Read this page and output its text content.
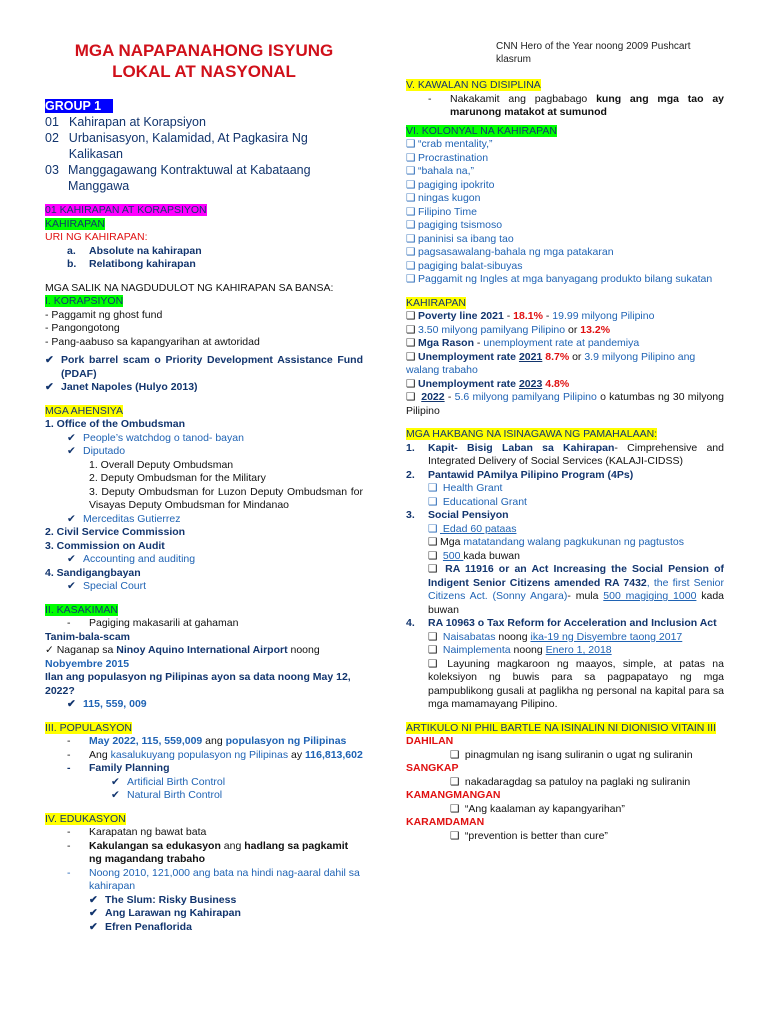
MGA NAPAPANAHONG ISYUNG
LOKAL AT NASYONAL
GROUP 1
01 Kahirapan at Korapsiyon
02 Urbanisasyon, Kalamidad, At Pagkasira Ng Kalikasan
03 Manggagawang Kontraktuwal at Kabataang Manggawa
01 KAHIRAPAN AT KORAPSIYON
KAHIRAPAN
URI NG KAHIRAPAN:
a. Absolute na kahirapan
b. Relatibong kahirapan
MGA SALIK NA NAGDUDULOT NG KAHIRAPAN SA BANSA:
I. KORAPSIYON
- Paggamit ng ghost fund
- Pangongotong
- Pang-aabuso sa kapangyarihan at awtoridad
✔ Pork barrel scam o Priority Development Assistance Fund (PDAF)
✔ Janet Napoles (Hulyo 2013)
MGA AHENSIYA
1. Office of the Ombudsman
✔ People’s watchdog o tanod- bayan
✔ Diputado
1. Overall Deputy Ombudsman
2. Deputy Ombudsman for the Military
3. Deputy Ombudsman for Luzon Deputy Ombudsman for Visayas Deputy Ombudsman for Mindanao
✔ Merceditas Gutierrez
2. Civil Service Commission
3. Commission on Audit
✔ Accounting and auditing
4. Sandigangbayan
✔ Special Court
II. KASAKIMAN
- Pagiging makasarili at gahaman
Tanim-bala-scam
✓ Naganap sa Ninoy Aquino International Airport noong Nobyembre 2015
Ilan ang populasyon ng Pilipinas ayon sa data noong May 12, 2022?
✔ 115, 559, 009
III. POPULASYON
-	May 2022, 115, 559,009 ang populasyon ng Pilipinas
-	Ang kasalukuyang populasyon ng Pilipinas ay 116,813,602
-	Family Planning
✔ Artificial Birth Control
✔ Natural Birth Control
IV. EDUKASYON
-	Karapatan ng bawat bata
-	Kakulangan sa edukasyon ang hadlang sa pagkamit ng magandang trabaho
-	Noong 2010, 121,000 ang bata na hindi nag-aaral dahil sa kahirapan
✔ The Slum: Risky Business
✔ Ang Larawan ng Kahirapan
✔ Efren Penaflorida
CNN Hero of the Year noong 2009 Pushcart klasrum
V. KAWALAN NG DISIPLINA
-	Nakakamit ang pagbabago kung ang mga tao ay marunong matakot at sumunod
VI. KOLONYAL NA KAHIRAPAN
❑ “crab mentality,”
❑ Procrastination
❑ “bahala na,”
❑ pagiging ipokrito
❑ ningas kugon
❑ Filipino Time
❑ pagiging tsismoso
❑ paninisi sa ibang tao
❑ pagsasawalang-bahala ng mga patakaran
❑ pagiging balat-sibuyas
❑ Paggamit ng Ingles at mga banyagang produkto bilang sukatan
KAHIRAPAN
❑ Poverty line 2021 - 18.1% - 19.99 milyong Pilipino
❑ 3.50 milyong pamilyang Pilipino or 13.2%
❑ Mga Rason - unemployment rate at pandemiya
❑ Unemployment rate 2021 8.7% or 3.9 milyong Pilipino ang walang trabaho
❑ Unemployment rate 2023 4.8%
❑ 2022 - 5.6 milyong pamilyang Pilipino o katumbas ng 30 milyong Pilipino
MGA HAKBANG NA ISINAGAWA NG PAMAHALAAN:
1.	Kapit- Bisig Laban sa Kahirapan- Cimprehensive and Integrated Delivery of Social Services (KALAJI-CIDSS)
2.	Pantawid PAmilya Pilipino Program (4Ps)
❑ Health Grant
❑ Educational Grant
3.	Social Pensiyon
❑ Edad 60 pataas
❑ Mga matatandang walang pagkukunan ng pagtustos
❑ 500 kada buwan
❑ RA 11916 or an Act Increasing the Social Pension of Indigent Senior Citizens amended RA 7432, the first Senior Citizens Act. (Sonny Angara)- mula 500 magiging 1000 kada buwan
4.	RA 10963 o Tax Reform for Acceleration and Inclusion Act
❑ Naisabatas noong ika-19 ng Disyembre taong 2017
❑ Naimplementa noong Enero 1, 2018
❑ Layuning magkaroon ng maayos, simple, at patas na koleksiyon ng buwis para sa pagpapatayo ng mga pampublikong gusali at paglikha ng personal na kapital para sa mga mamamayang Pilipino.
ARTIKULO NI PHIL BARTLE NA ISINALIN NI DIONISIO VITAIN III
DAHILAN
❑ pinagmulan ng isang suliranin o ugat ng suliranin
SANGKAP
❑ nakadaragdag sa patuloy na paglaki ng suliranin
KAMANGMANGAN
❑ “Ang kaalaman ay kapangyarihan”
KARAMDAMAN
❑ “prevention is better than cure”
